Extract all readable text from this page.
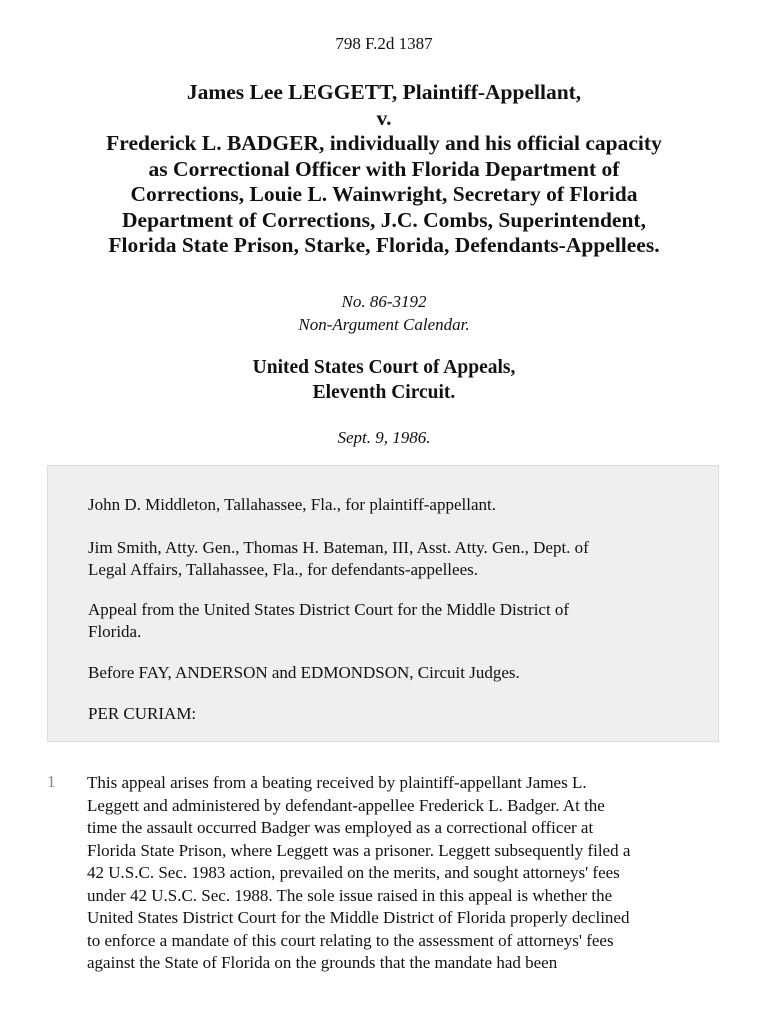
798 F.2d 1387
James Lee LEGGETT, Plaintiff-Appellant,
v.
Frederick L. BADGER, individually and his official capacity
as Correctional Officer with Florida Department of
Corrections, Louie L. Wainwright, Secretary of Florida
Department of Corrections, J.C. Combs, Superintendent,
Florida State Prison, Starke, Florida, Defendants-Appellees.
No. 86-3192
Non-Argument Calendar.
United States Court of Appeals,
Eleventh Circuit.
Sept. 9, 1986.

John D. Middleton, Tallahassee, Fla., for plaintiff-appellant.

Jim Smith, Atty. Gen., Thomas H. Bateman, III, Asst. Atty. Gen., Dept. of

Legal Affairs, Tallahassee, Fla., for defendants-appellees.

Appeal from the United States District Court for the Middle District of

Florida.

Before FAY, ANDERSON and EDMONDSON, Circuit Judges.

PER CURIAM:

1 This appeal arises from a beating received by plaintiff-appellant James L.
Leggett and administered by defendant-appellee Frederick L. Badger. At the
time the assault occurred Badger was employed as a correctional officer at
Florida State Prison, where Leggett was a prisoner. Leggett subsequently filed a
42 U.S.C. Sec. 1983 action, prevailed on the merits, and sought attorneys' fees
under 42 U.S.C. Sec. 1988. The sole issue raised in this appeal is whether the
United States District Court for the Middle District of Florida properly declined
to enforce a mandate of this court relating to the assessment of attorneys' fees
against the State of Florida on the grounds that the mandate had been
